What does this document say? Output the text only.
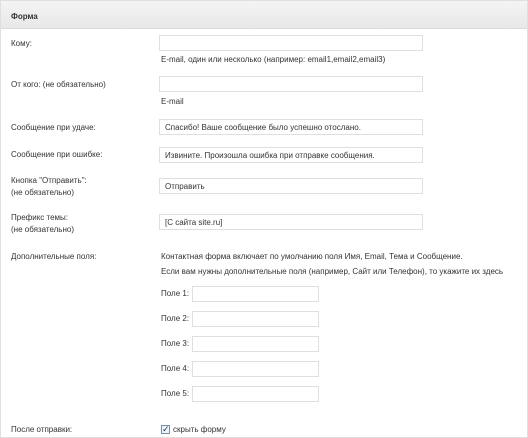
Форма
Кому:
E-mail, один или несколько (например: email1,email2,email3)
От кого: (не обязательно)
E-mail
Сообщение при удаче:
Спасибо! Ваше сообщение было успешно отослано.
Сообщение при ошибке:
Извините. Произошла ошибка при отправке сообщения.
Кнопка "Отправить":
(не обязательно)
Отправить
Префикс темы:
(не обязательно)
[С сайта site.ru]
Дополнительные поля:	Контактная форма включает по умолчанию поля Имя, Email, Тема и Сообщение.
Если вам нужны дополнительные поля (например, Сайт или Телефон), то укажите их здесь
Поле 1:
Поле 2:
Поле 3:
Поле 4:
Поле 5:
После отправки:	✓ скрыть форму
